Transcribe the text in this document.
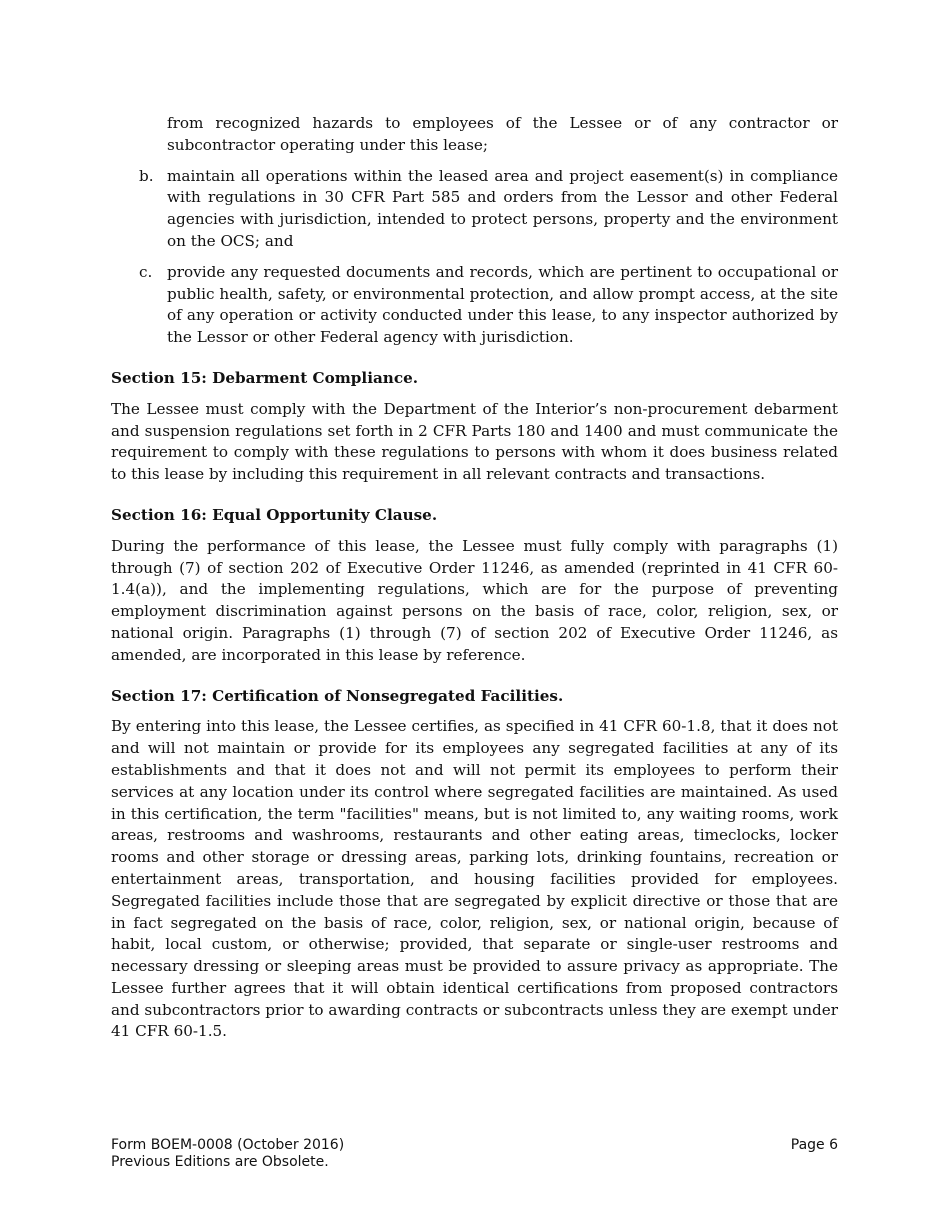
from recognized hazards to employees of the Lessee or of any contractor or subcontractor operating under this lease;

b. maintain all operations within the leased area and project easement(s) in compliance with regulations in 30 CFR Part 585 and orders from the Lessor and other Federal agencies with jurisdiction, intended to protect persons, property and the environment on the OCS; and

c. provide any requested documents and records, which are pertinent to occupational or public health, safety, or environmental protection, and allow prompt access, at the site of any operation or activity conducted under this lease, to any inspector authorized by the Lessor or other Federal agency with jurisdiction.

Section 15: Debarment Compliance.

The Lessee must comply with the Department of the Interior’s non-procurement debarment and suspension regulations set forth in 2 CFR Parts 180 and 1400 and must communicate the requirement to comply with these regulations to persons with whom it does business related to this lease by including this requirement in all relevant contracts and transactions.

Section 16: Equal Opportunity Clause.

During the performance of this lease, the Lessee must fully comply with paragraphs (1) through (7) of section 202 of Executive Order 11246, as amended (reprinted in 41 CFR 60-1.4(a)), and the implementing regulations, which are for the purpose of preventing employment discrimination against persons on the basis of race, color, religion, sex, or national origin. Paragraphs (1) through (7) of section 202 of Executive Order 11246, as amended, are incorporated in this lease by reference.

Section 17: Certification of Nonsegregated Facilities.

By entering into this lease, the Lessee certifies, as specified in 41 CFR 60-1.8, that it does not and will not maintain or provide for its employees any segregated facilities at any of its establishments and that it does not and will not permit its employees to perform their services at any location under its control where segregated facilities are maintained. As used in this certification, the term "facilities" means, but is not limited to, any waiting rooms, work areas, restrooms and washrooms, restaurants and other eating areas, timeclocks, locker rooms and other storage or dressing areas, parking lots, drinking fountains, recreation or entertainment areas, transportation, and housing facilities provided for employees. Segregated facilities include those that are segregated by explicit directive or those that are in fact segregated on the basis of race, color, religion, sex, or national origin, because of habit, local custom, or otherwise; provided, that separate or single-user restrooms and necessary dressing or sleeping areas must be provided to assure privacy as appropriate. The Lessee further agrees that it will obtain identical certifications from proposed contractors and subcontractors prior to awarding contracts or subcontracts unless they are exempt under 41 CFR 60-1.5.

Form BOEM-0008 (October 2016)
Previous Editions are Obsolete.
Page 6
